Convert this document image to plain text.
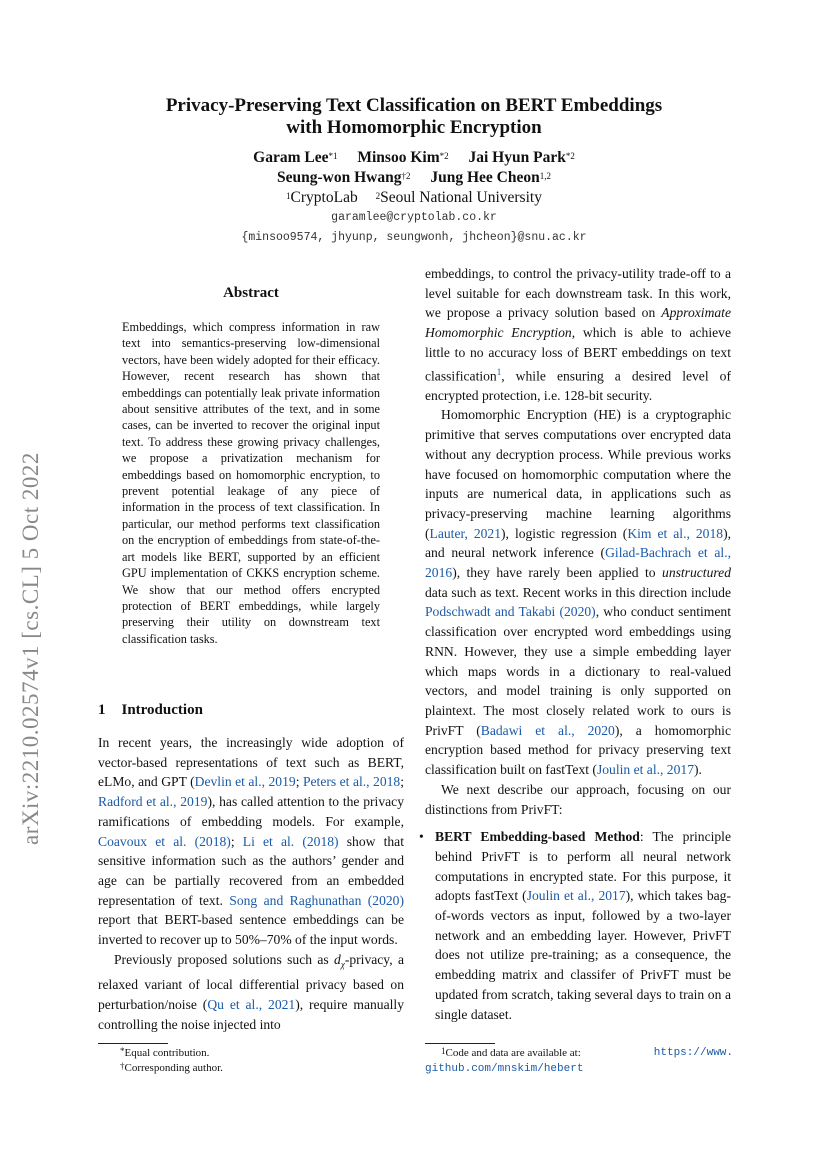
arXiv:2210.02574v1 [cs.CL] 5 Oct 2022
Privacy-Preserving Text Classification on BERT Embeddings
with Homomorphic Encryption
Garam Lee$^{*1}$ Minsoo Kim$^{*2}$ Jai Hyun Park$^{*2}$
Seung-won Hwang$^{\dagger 2}$ Jung Hee Cheon$^{1,2}$
$^1$CryptoLab $^2$Seoul National University
garamlee@cryptolab.co.kr
{minsoo9574, jhyunp, seungwonh, jhcheon}@snu.ac.kr
Abstract
Embeddings, which compress information in raw text into semantics-preserving low-dimensional vectors, have been widely adopted for their efficacy. However, recent research has shown that embeddings can potentially leak private information about sensitive attributes of the text, and in some cases, can be inverted to recover the original input text. To address these growing privacy challenges, we propose a privatization mechanism for embeddings based on homomorphic encryption, to prevent potential leakage of any piece of information in the process of text classification. In particular, our method performs text classification on the encryption of embeddings from state-of-the-art models like BERT, supported by an efficient GPU implementation of CKKS encryption scheme. We show that our method offers encrypted protection of BERT embeddings, while largely preserving their utility on downstream text classification tasks.
1 Introduction

In recent years, the increasingly wide adoption of vector-based representations of text such as BERT, eLMo, and GPT (Devlin et al., 2019; Peters et al., 2018; Radford et al., 2019), has called attention to the privacy ramifications of embedding models. For example, Coavoux et al. (2018); Li et al. (2018) show that sensitive information such as the authors’ gender and age can be partially recovered from an embedded representation of text. Song and Raghunathan (2020) report that BERT-based sentence embeddings can be inverted to recover up to 50%–70% of the input words.

Previously proposed solutions such as $d_\chi$-privacy, a relaxed variant of local differential privacy based on perturbation/noise (Qu et al., 2021), require manually controlling the noise injected into

*Equal contribution.
†Corresponding author.

embeddings, to control the privacy-utility trade-off to a level suitable for each downstream task. In this work, we propose a privacy solution based on Approximate Homomorphic Encryption, which is able to achieve little to no accuracy loss of BERT embeddings on text classification$^1$, while ensuring a desired level of encrypted protection, i.e. 128-bit security.

Homomorphic Encryption (HE) is a cryptographic primitive that serves computations over encrypted data without any decryption process. While previous works have focused on homomorphic computation where the inputs are numerical data, in applications such as privacy-preserving machine learning algorithms (Lauter, 2021), logistic regression (Kim et al., 2018), and neural network inference (Gilad-Bachrach et al., 2016), they have rarely been applied to unstructured data such as text. Recent works in this direction include Podschwadt and Takabi (2020), who conduct sentiment classification over encrypted word embeddings using RNN. However, they use a simple embedding layer which maps words in a dictionary to real-valued vectors, and model training is only supported on plaintext. The most closely related work to ours is PrivFT (Badawi et al., 2020), a homomorphic encryption based method for privacy preserving text classification built on fastText (Joulin et al., 2017).

We next describe our approach, focusing on our distinctions from PrivFT:

• BERT Embedding-based Method: The principle behind PrivFT is to perform all neural network computations in encrypted state. For this purpose, it adopts fastText (Joulin et al., 2017), which takes bag-of-words vectors as input, followed by a two-layer network and an embedding layer. However, PrivFT does not utilize pre-training; as a consequence, the embedding matrix and classifer of PrivFT must be updated from scratch, taking several days to train on a single dataset.
$^1$Code and data are available at:	https://www.
github.com/mnskim/hebert
